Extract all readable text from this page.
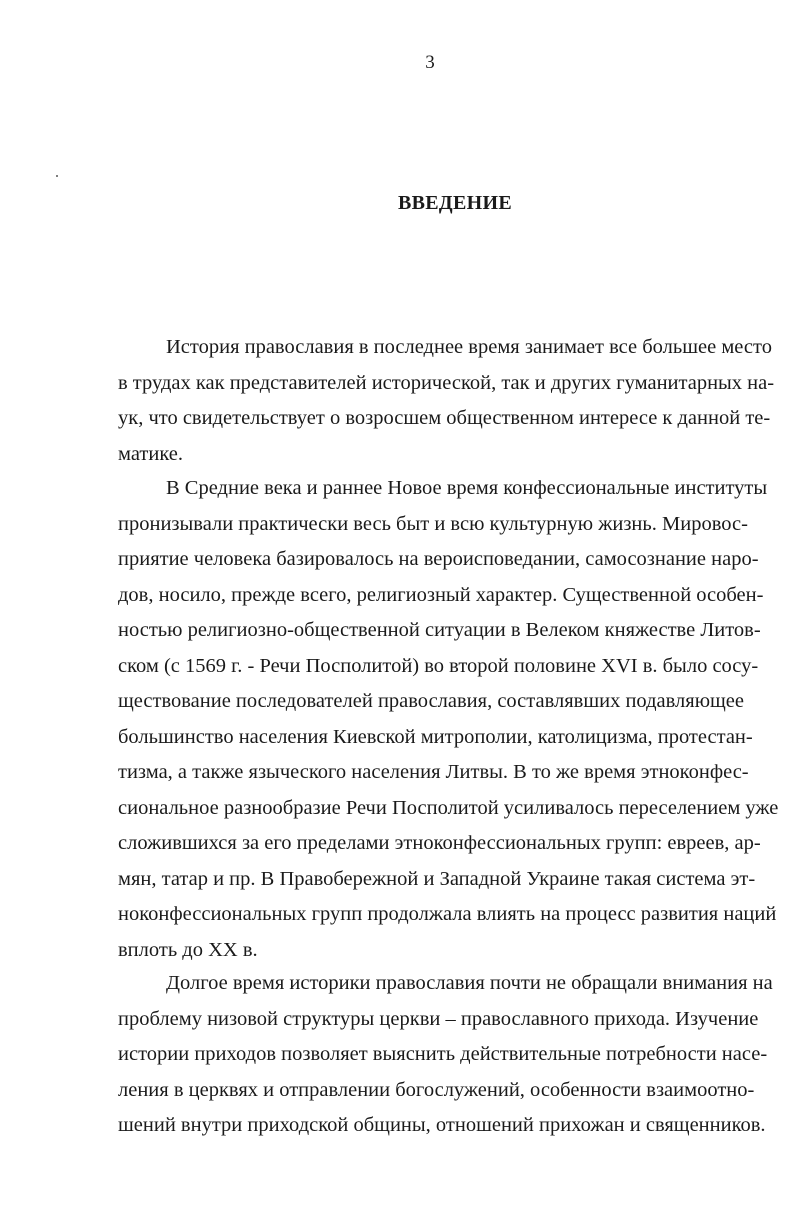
3
ВВЕДЕНИЕ
История православия в последнее время занимает все большее место
в трудах как представителей исторической, так и других гуманитарных на-
ук, что свидетельствует о возросшем общественном интересе к данной те-
матике.
В Средние века и раннее Новое время конфессиональные институты
пронизывали практически весь быт и всю культурную жизнь. Мировос-
приятие человека базировалось на вероисповедании, самосознание наро-
дов, носило, прежде всего, религиозный характер. Существенной особен-
ностью религиозно-общественной ситуации в Велеком княжестве Литов-
ском (с 1569 г. - Речи Посполитой) во второй половине XVI в. было сосу-
ществование последователей православия, составлявших подавляющее
большинство населения Киевской митрополии, католицизма, протестан-
тизма, а также языческого населения Литвы. В то же время этноконфес-
сиональное разнообразие Речи Посполитой усиливалось переселением уже
сложившихся за его пределами этноконфессиональных групп: евреев, ар-
мян, татар и пр. В Правобережной и Западной Украине такая система эт-
ноконфессиональных групп продолжала влиять на процесс развития наций
вплоть до XX в.
Долгое время историки православия почти не обращали внимания на
проблему низовой структуры церкви – православного прихода. Изучение
истории приходов позволяет выяснить действительные потребности насе-
ления в церквях и отправлении богослужений, особенности взаимоотно-
шений внутри приходской общины, отношений прихожан и священников.
